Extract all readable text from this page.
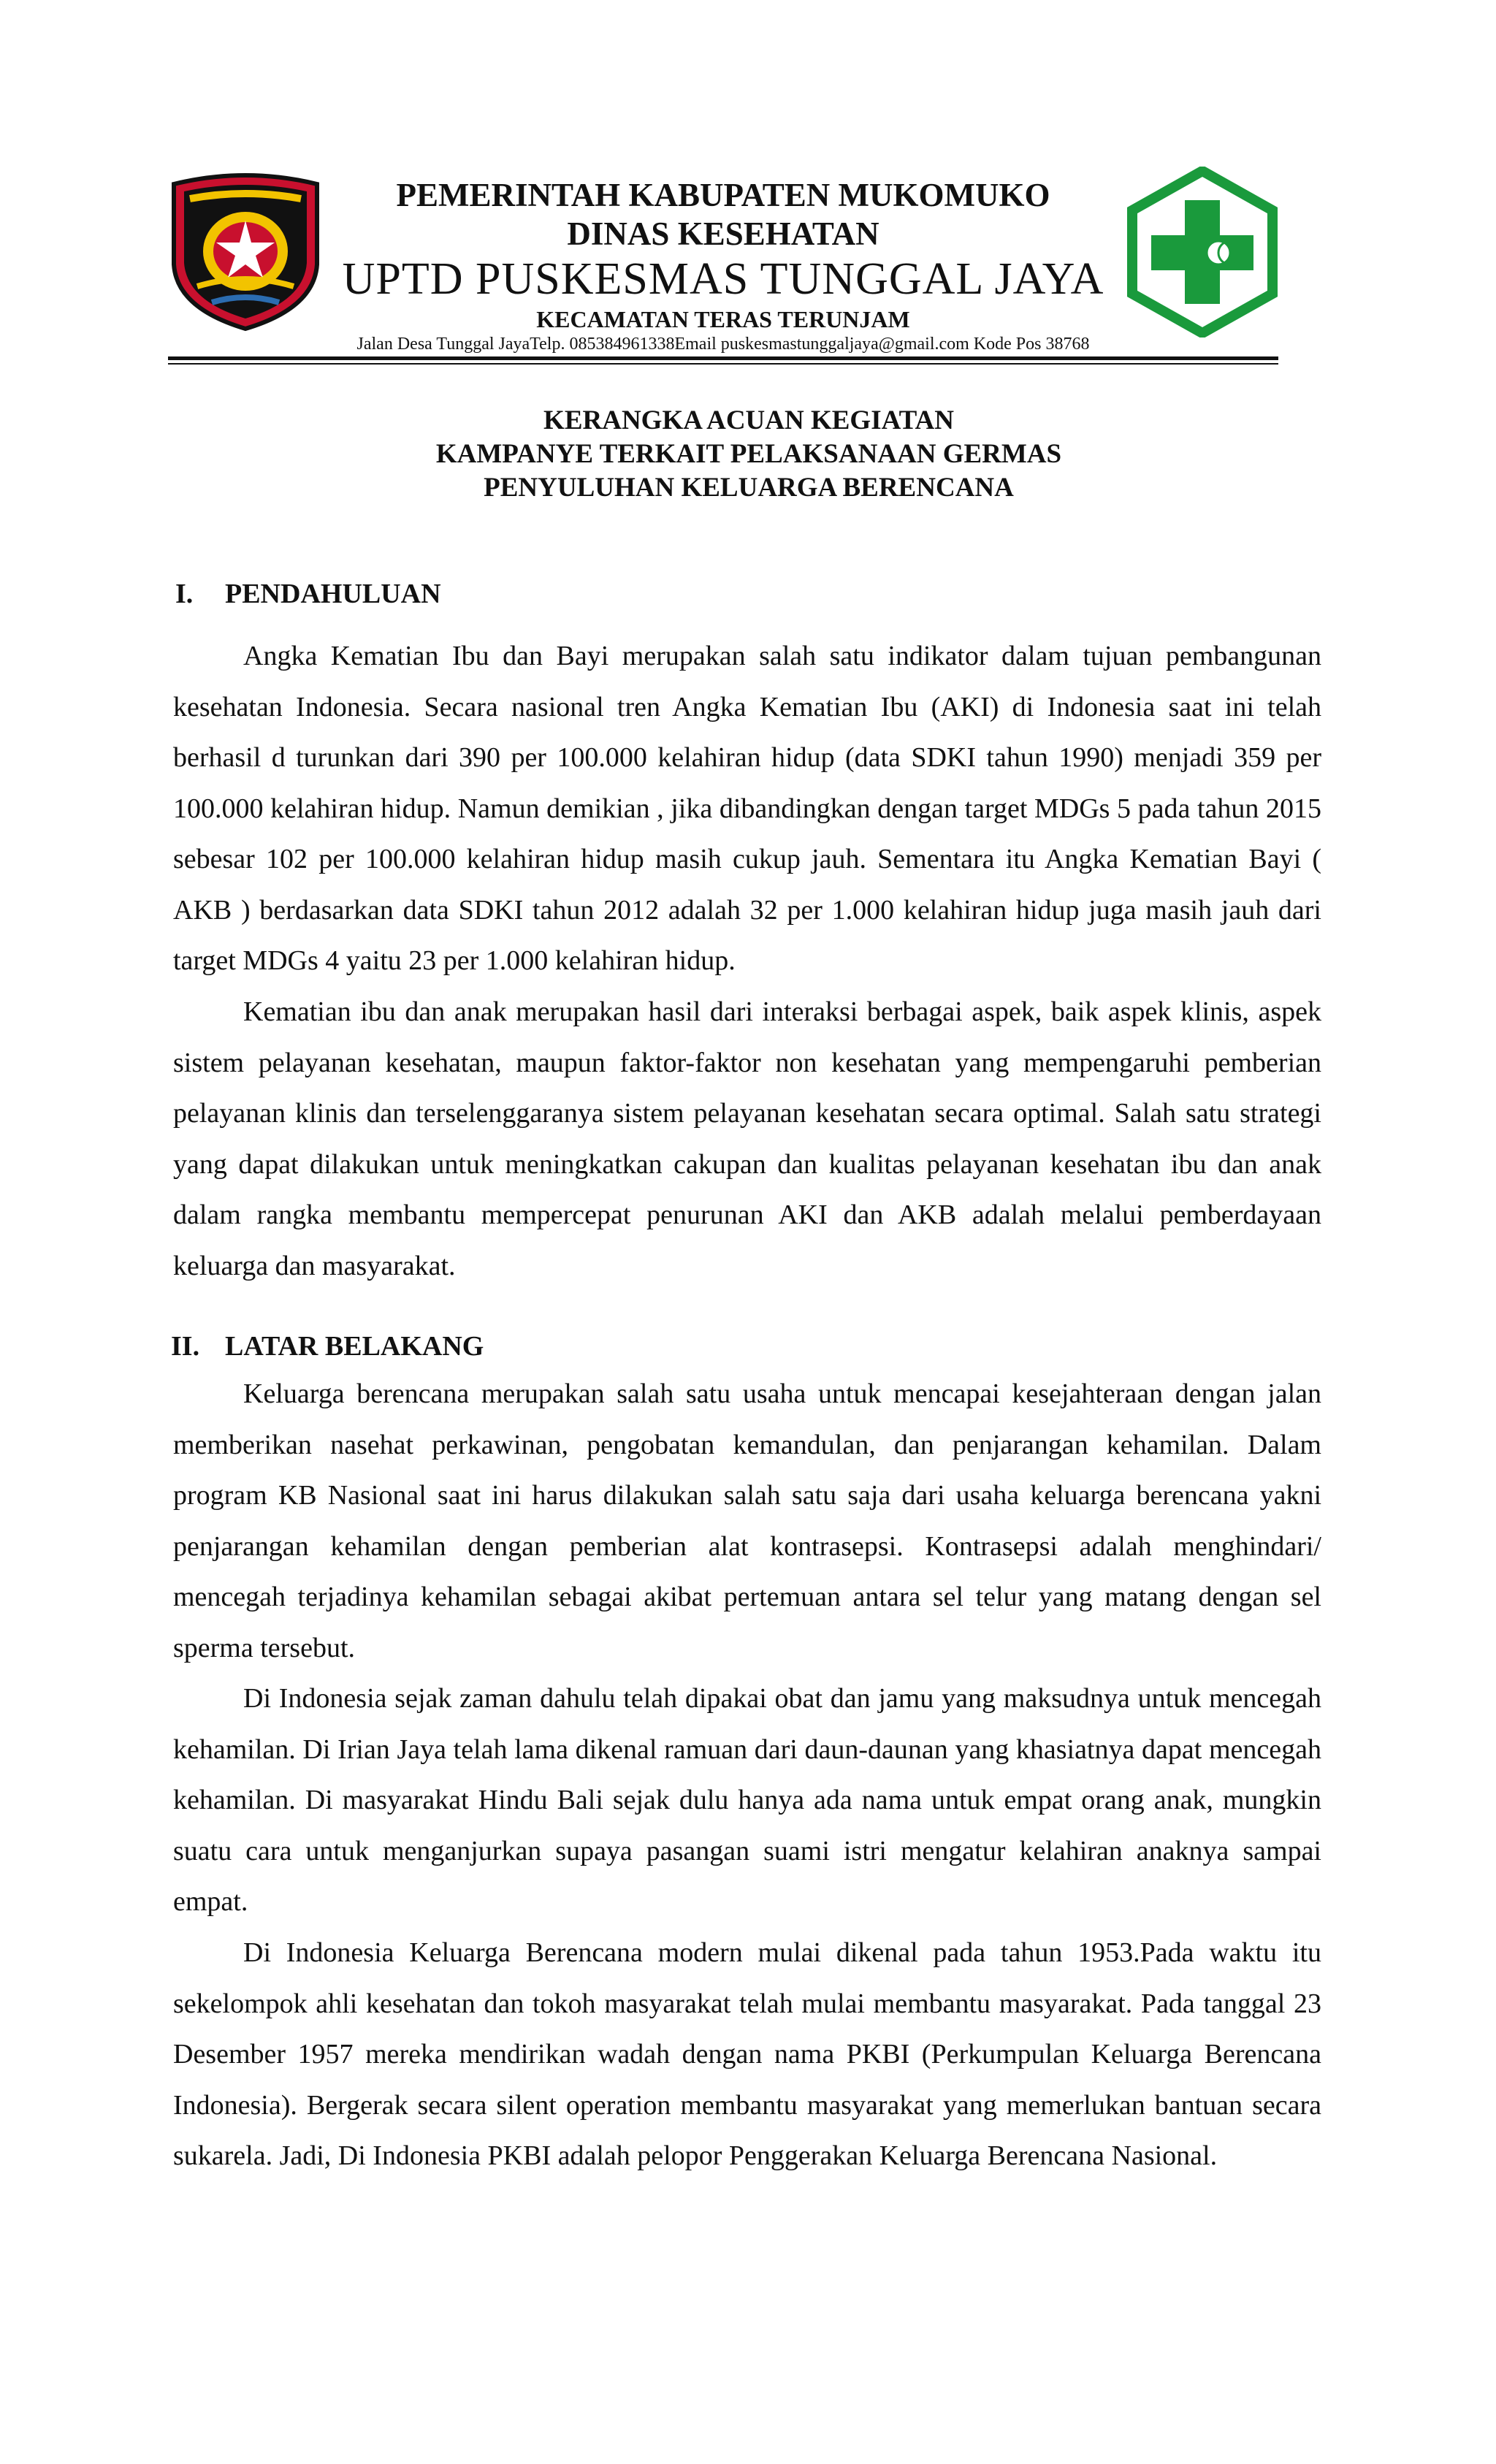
PEMERINTAH KABUPATEN MUKOMUKO
DINAS KESEHATAN
UPTD PUSKESMAS TUNGGAL JAYA
KECAMATAN TERAS TERUNJAM
Jalan Desa Tunggal JayaTelp. 085384961338Email puskesmastunggaljaya@gmail.com Kode Pos 38768
KERANGKA ACUAN KEGIATAN
KAMPANYE TERKAIT PELAKSANAAN GERMAS
PENYULUHAN KELUARGA BERENCANA
I. PENDAHULUAN

Angka Kematian Ibu dan Bayi merupakan salah satu indikator dalam tujuan pembangunan kesehatan Indonesia. Secara nasional tren Angka Kematian Ibu (AKI) di Indonesia saat ini telah berhasil d turunkan dari 390 per 100.000 kelahiran hidup (data SDKI tahun 1990) menjadi 359 per 100.000 kelahiran hidup. Namun demikian , jika dibandingkan dengan target MDGs 5 pada tahun 2015 sebesar 102 per 100.000 kelahiran hidup masih cukup jauh. Sementara itu Angka Kematian Bayi ( AKB ) berdasarkan data SDKI tahun 2012 adalah 32 per 1.000 kelahiran hidup juga masih jauh dari target MDGs 4 yaitu 23 per 1.000 kelahiran hidup.

Kematian ibu dan anak merupakan hasil dari interaksi berbagai aspek, baik aspek klinis, aspek sistem pelayanan kesehatan, maupun faktor-faktor non kesehatan yang mempengaruhi pemberian pelayanan klinis dan terselenggaranya sistem pelayanan kesehatan secara optimal. Salah satu strategi yang dapat dilakukan untuk meningkatkan cakupan dan kualitas pelayanan kesehatan ibu dan anak dalam rangka membantu mempercepat penurunan AKI dan AKB adalah melalui pemberdayaan keluarga dan masyarakat.

II. LATAR BELAKANG

Keluarga berencana merupakan salah satu usaha untuk mencapai kesejahteraan dengan jalan memberikan nasehat perkawinan, pengobatan kemandulan, dan penjarangan kehamilan. Dalam program KB Nasional saat ini harus dilakukan salah satu saja dari usaha keluarga berencana yakni penjarangan kehamilan dengan pemberian alat kontrasepsi. Kontrasepsi adalah menghindari/ mencegah terjadinya kehamilan sebagai akibat pertemuan antara sel telur yang matang dengan sel sperma tersebut.

Di Indonesia sejak zaman dahulu telah dipakai obat dan jamu yang maksudnya untuk mencegah kehamilan. Di Irian Jaya telah lama dikenal ramuan dari daun-daunan yang khasiatnya dapat mencegah kehamilan. Di masyarakat Hindu Bali sejak dulu hanya ada nama untuk empat orang anak, mungkin suatu cara untuk menganjurkan supaya pasangan suami istri mengatur kelahiran anaknya sampai empat.

Di Indonesia Keluarga Berencana modern mulai dikenal pada tahun 1953.Pada waktu itu sekelompok ahli kesehatan dan tokoh masyarakat telah mulai membantu masyarakat. Pada tanggal 23 Desember 1957 mereka mendirikan wadah dengan nama PKBI (Perkumpulan Keluarga Berencana Indonesia). Bergerak secara silent operation membantu masyarakat yang memerlukan bantuan secara sukarela. Jadi, Di Indonesia PKBI adalah pelopor Penggerakan Keluarga Berencana Nasional.
